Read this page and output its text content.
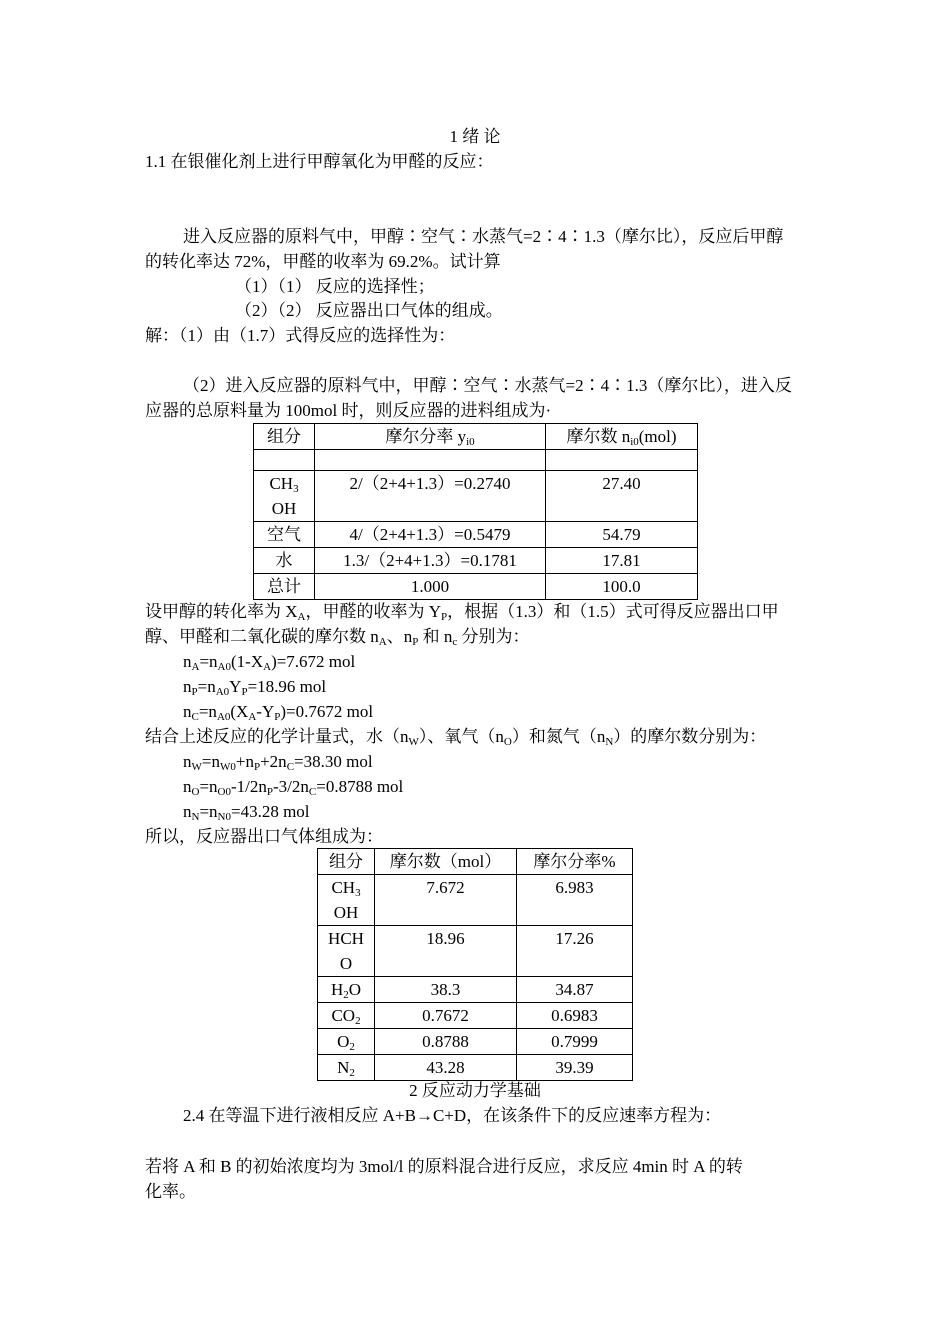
1 绪 论
1.1 在银催化剂上进行甲醇氧化为甲醛的反应：
进入反应器的原料气中，甲醇∶空气∶水蒸气=2∶4∶1.3（摩尔比），反应后甲醇
的转化率达 72%，甲醛的收率为 69.2%。试计算
（1）（1） 反应的选择性；
（2）（2） 反应器出口气体的组成。
解：（1）由（1.7）式得反应的选择性为：
（2）进入反应器的原料气中，甲醇∶空气∶水蒸气=2∶4∶1.3（摩尔比），进入反
应器的总原料量为 100mol 时，则反应器的进料组成为·
组分	摩尔分率 $y_{i0}$	摩尔数 $n_{i0}(mol)$

$CH_3$
OH	2/（2+4+1.3）=0.2740	27.40
空气	4/（2+4+1.3）=0.5479	54.79
水	1.3/（2+4+1.3）=0.1781	17.81
总计	1.000	100.0
设甲醇的转化率为 $X_A$，甲醛的收率为 $Y_P$，根据（1.3）和（1.5）式可得反应器出口甲
醇、甲醛和二氧化碳的摩尔数 $n_A$、$n_P$ 和 $n_c$ 分别为：
$n_A=n_{A0}(1-X_A)=7.672$ mol
$n_P=n_{A0}Y_P=18.96$ mol
$n_C=n_{A0}(X_A-Y_P)=0.7672$ mol
结合上述反应的化学计量式，水$(n_W)$、氧气$(n_O)$和氮气$(n_N)$的摩尔数分别为：
$n_W=n_{W0}+n_P+2n_C=38.30$ mol
$n_O=n_{O0}-1/2n_P-3/2n_C=0.8788$ mol
$n_N=n_{N0}=43.28$ mol
所以，反应器出口气体组成为：
组分	摩尔数（mol）	摩尔分率%
$CH_3$
OH	7.672	6.983
HCH
O	18.96	17.26
$H_2O$	38.3	34.87
$CO_2$	0.7672	0.6983
$O_2$	0.8788	0.7999
$N_2$	43.28	39.39
2 反应动力学基础
2.4 在等温下进行液相反应 A+B→C+D，在该条件下的反应速率方程为：
若将 A 和 B 的初始浓度均为 3mol/l 的原料混合进行反应，求反应 4min 时 A 的转
化率。
